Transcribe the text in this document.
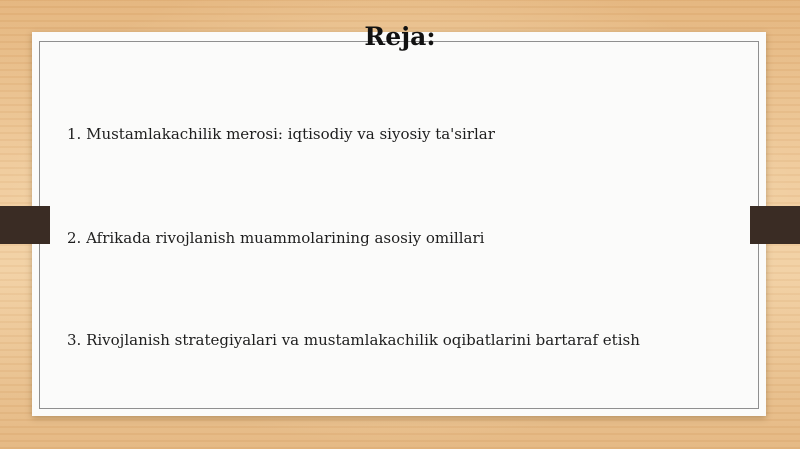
Reja:
1. Mustamlakachilik merosi: iqtisodiy va siyosiy ta'sirlar
2. Afrikada rivojlanish muammolarining asosiy omillari
3. Rivojlanish strategiyalari va mustamlakachilik oqibatlarini bartaraf etish
